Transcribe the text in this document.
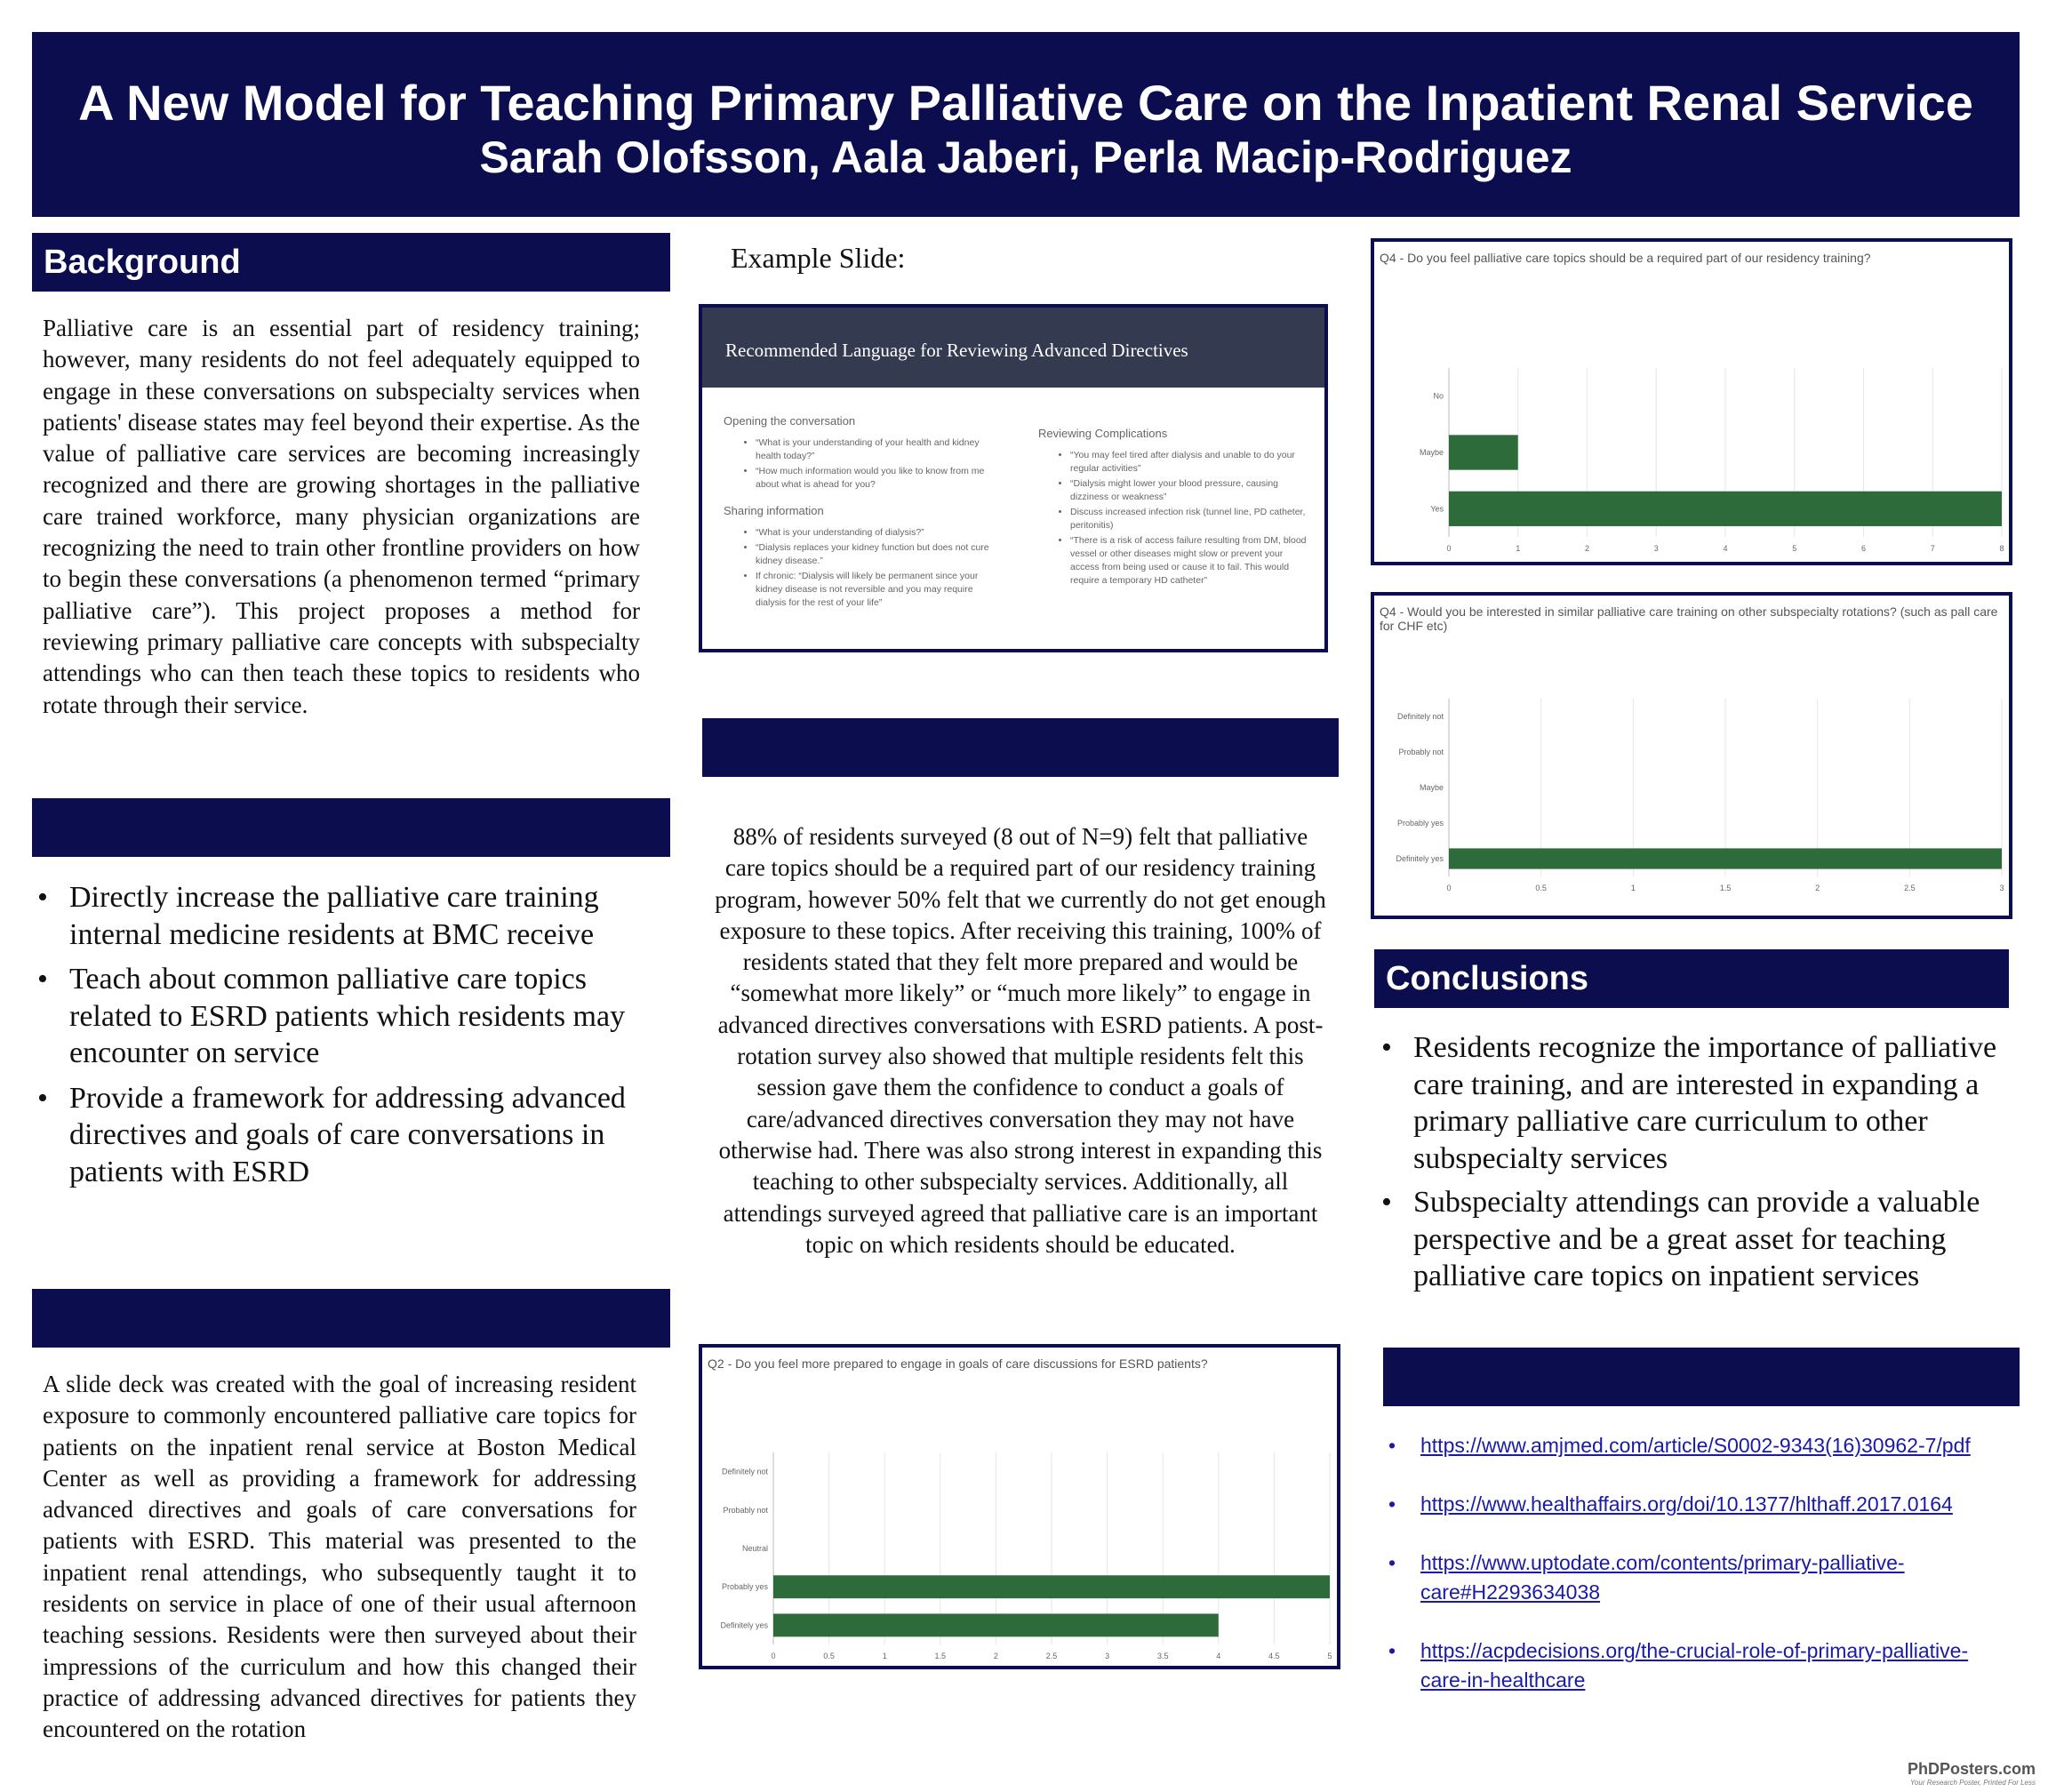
A New Model for Teaching Primary Palliative Care on the Inpatient Renal Service
Sarah Olofsson, Aala Jaberi, Perla Macip-Rodriguez
Background
Palliative care is an essential part of residency training; however, many residents do not feel adequately equipped to engage in these conversations on subspecialty services when patients' disease states may feel beyond their expertise. As the value of palliative care services are becoming increasingly recognized and there are growing shortages in the palliative care trained workforce, many physician organizations are recognizing the need to train other frontline providers on how to begin these conversations (a phenomenon termed “primary palliative care”). This project proposes a method for reviewing primary palliative care concepts with subspecialty attendings who can then teach these topics to residents who rotate through their service.
• Directly increase the palliative care training internal medicine residents at BMC receive
• Teach about common palliative care topics related to ESRD patients which residents may encounter on service
• Provide a framework for addressing advanced directives and goals of care conversations in patients with ESRD
A slide deck was created with the goal of increasing resident exposure to commonly encountered palliative care topics for patients on the inpatient renal service at Boston Medical Center as well as providing a framework for addressing advanced directives and goals of care conversations for patients with ESRD. This material was presented to the inpatient renal attendings, who subsequently taught it to residents on service in place of one of their usual afternoon teaching sessions. Residents were then surveyed about their impressions of the curriculum and how this changed their practice of addressing advanced directives for patients they encountered on the rotation
Example Slide:
Recommended Language for Reviewing Advanced Directives
Opening the conversation
• “What is your understanding of your health and kidney health today?”
• “How much information would you like to know from me about what is ahead for you?
Sharing information
• “What is your understanding of dialysis?”
• “Dialysis replaces your kidney function but does not cure kidney disease.”
• If chronic: “Dialysis will likely be permanent since your kidney disease is not reversible and you may require dialysis for the rest of your life”
Reviewing Complications
• “You may feel tired after dialysis and unable to do your regular activities”
• “Dialysis might lower your blood pressure, causing dizziness or weakness”
• Discuss increased infection risk (tunnel line, PD catheter, peritonitis)
• “There is a risk of access failure resulting from DM, blood vessel or other diseases might slow or prevent your access from being used or cause it to fail. This would require a temporary HD catheter”
88% of residents surveyed (8 out of N=9) felt that palliative care topics should be a required part of our residency training program, however 50% felt that we currently do not get enough exposure to these topics. After receiving this training, 100% of residents stated that they felt more prepared and would be “somewhat more likely” or “much more likely” to engage in advanced directives conversations with ESRD patients. A post-rotation survey also showed that multiple residents felt this session gave them the confidence to conduct a goals of care/advanced directives conversation they may not have otherwise had. There was also strong interest in expanding this teaching to other subspecialty services. Additionally, all attendings surveyed agreed that palliative care is an important topic on which residents should be educated.
Q2 - Do you feel more prepared to engage in goals of care discussions for ESRD patients?
0	0.5	1	1.5	2	2.5	3	3.5	4	4.5	5
Definitely not
Probably not
Neutral
Probably yes
Definitely yes
Q4 - Do you feel palliative care topics should be a required part of our residency training?
0	1	2	3	4	5	6	7	8
No
Maybe
Yes
Q4 - Would you be interested in similar palliative care training on other subspecialty rotations? (such as pall care for CHF etc)
0	0.5	1	1.5	2	2.5	3
Definitely not
Probably not
Maybe
Probably yes
Definitely yes
Conclusions
• Residents recognize the importance of palliative care training, and are interested in expanding a primary palliative care curriculum to other subspecialty services
• Subspecialty attendings can provide a valuable perspective and be a great asset for teaching palliative care topics on inpatient services
• https://www.amjmed.com/article/S0002-9343(16)30962-7/pdf
• https://www.healthaffairs.org/doi/10.1377/hlthaff.2017.0164
• https://www.uptodate.com/contents/primary-palliative-care#H2293634038
• https://acpdecisions.org/the-crucial-role-of-primary-palliative-care-in-healthcare
PhDPosters.com
Your Research Poster, Printed For Less
